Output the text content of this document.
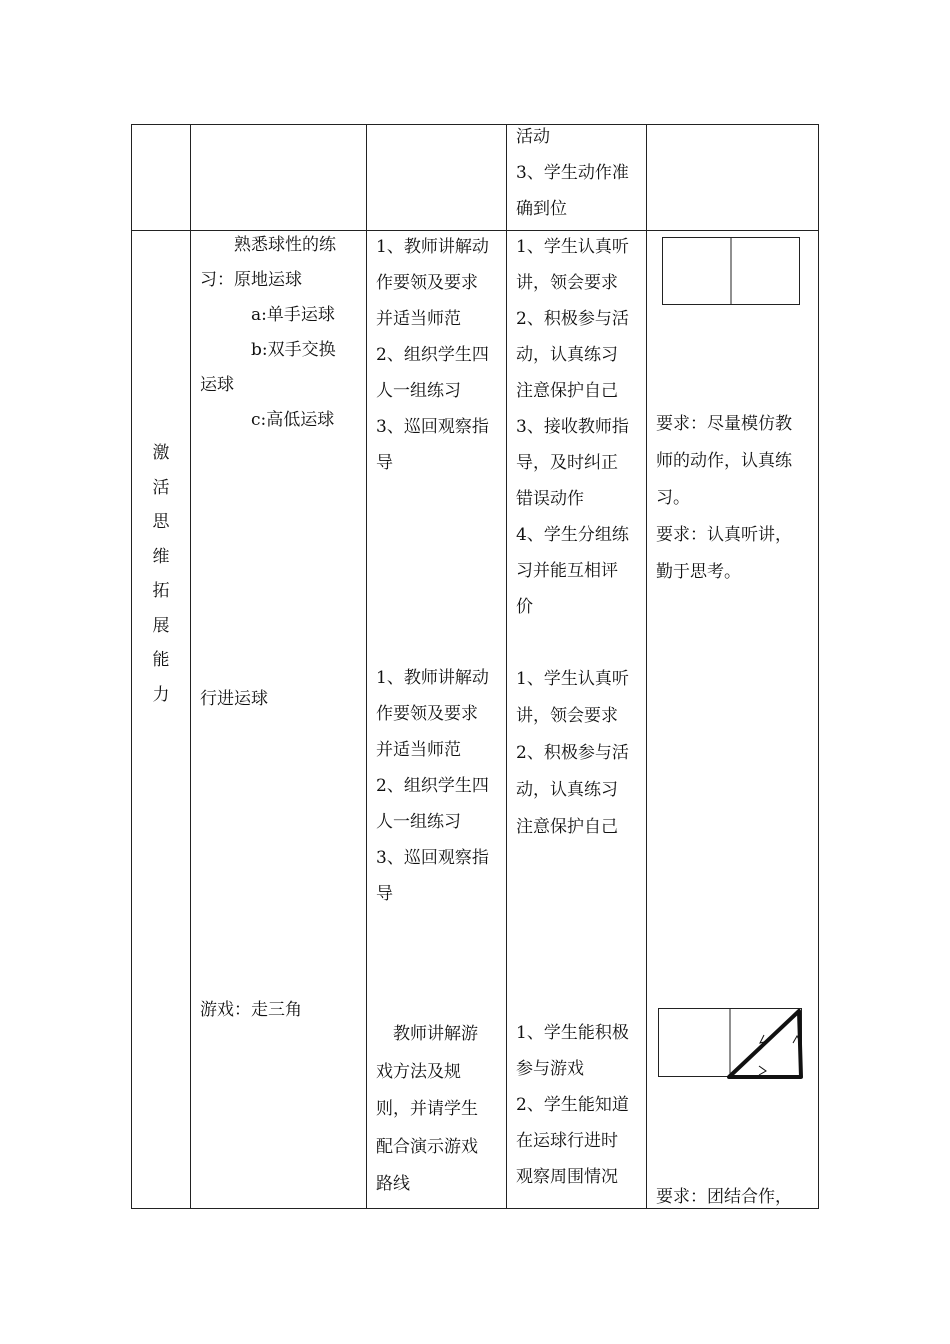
活动
3、学生动作准
确到位
激
活
思
维
拓
展
能
力
　　熟悉球性的练
习：原地运球
　　　a:单手运球
　　　b:双手交换
运球
　　　c:高低运球
行进运球
游戏：走三角
1、教师讲解动
作要领及要求
并适当师范
2、组织学生四
人一组练习
3、巡回观察指
导
1、教师讲解动
作要领及要求
并适当师范
2、组织学生四
人一组练习
3、巡回观察指
导
　教师讲解游
戏方法及规
则，并请学生
配合演示游戏
路线
1、学生认真听
讲，领会要求
2、积极参与活
动，认真练习
注意保护自己
3、接收教师指
导，及时纠正
错误动作
4、学生分组练
习并能互相评
价
1、学生认真听
讲，领会要求
2、积极参与活
动，认真练习
注意保护自己
1、学生能积极
参与游戏
2、学生能知道
在运球行进时
观察周围情况
要求：尽量模仿教
师的动作，认真练
习。
要求：认真听讲，
勤于思考。
要求：团结合作，
